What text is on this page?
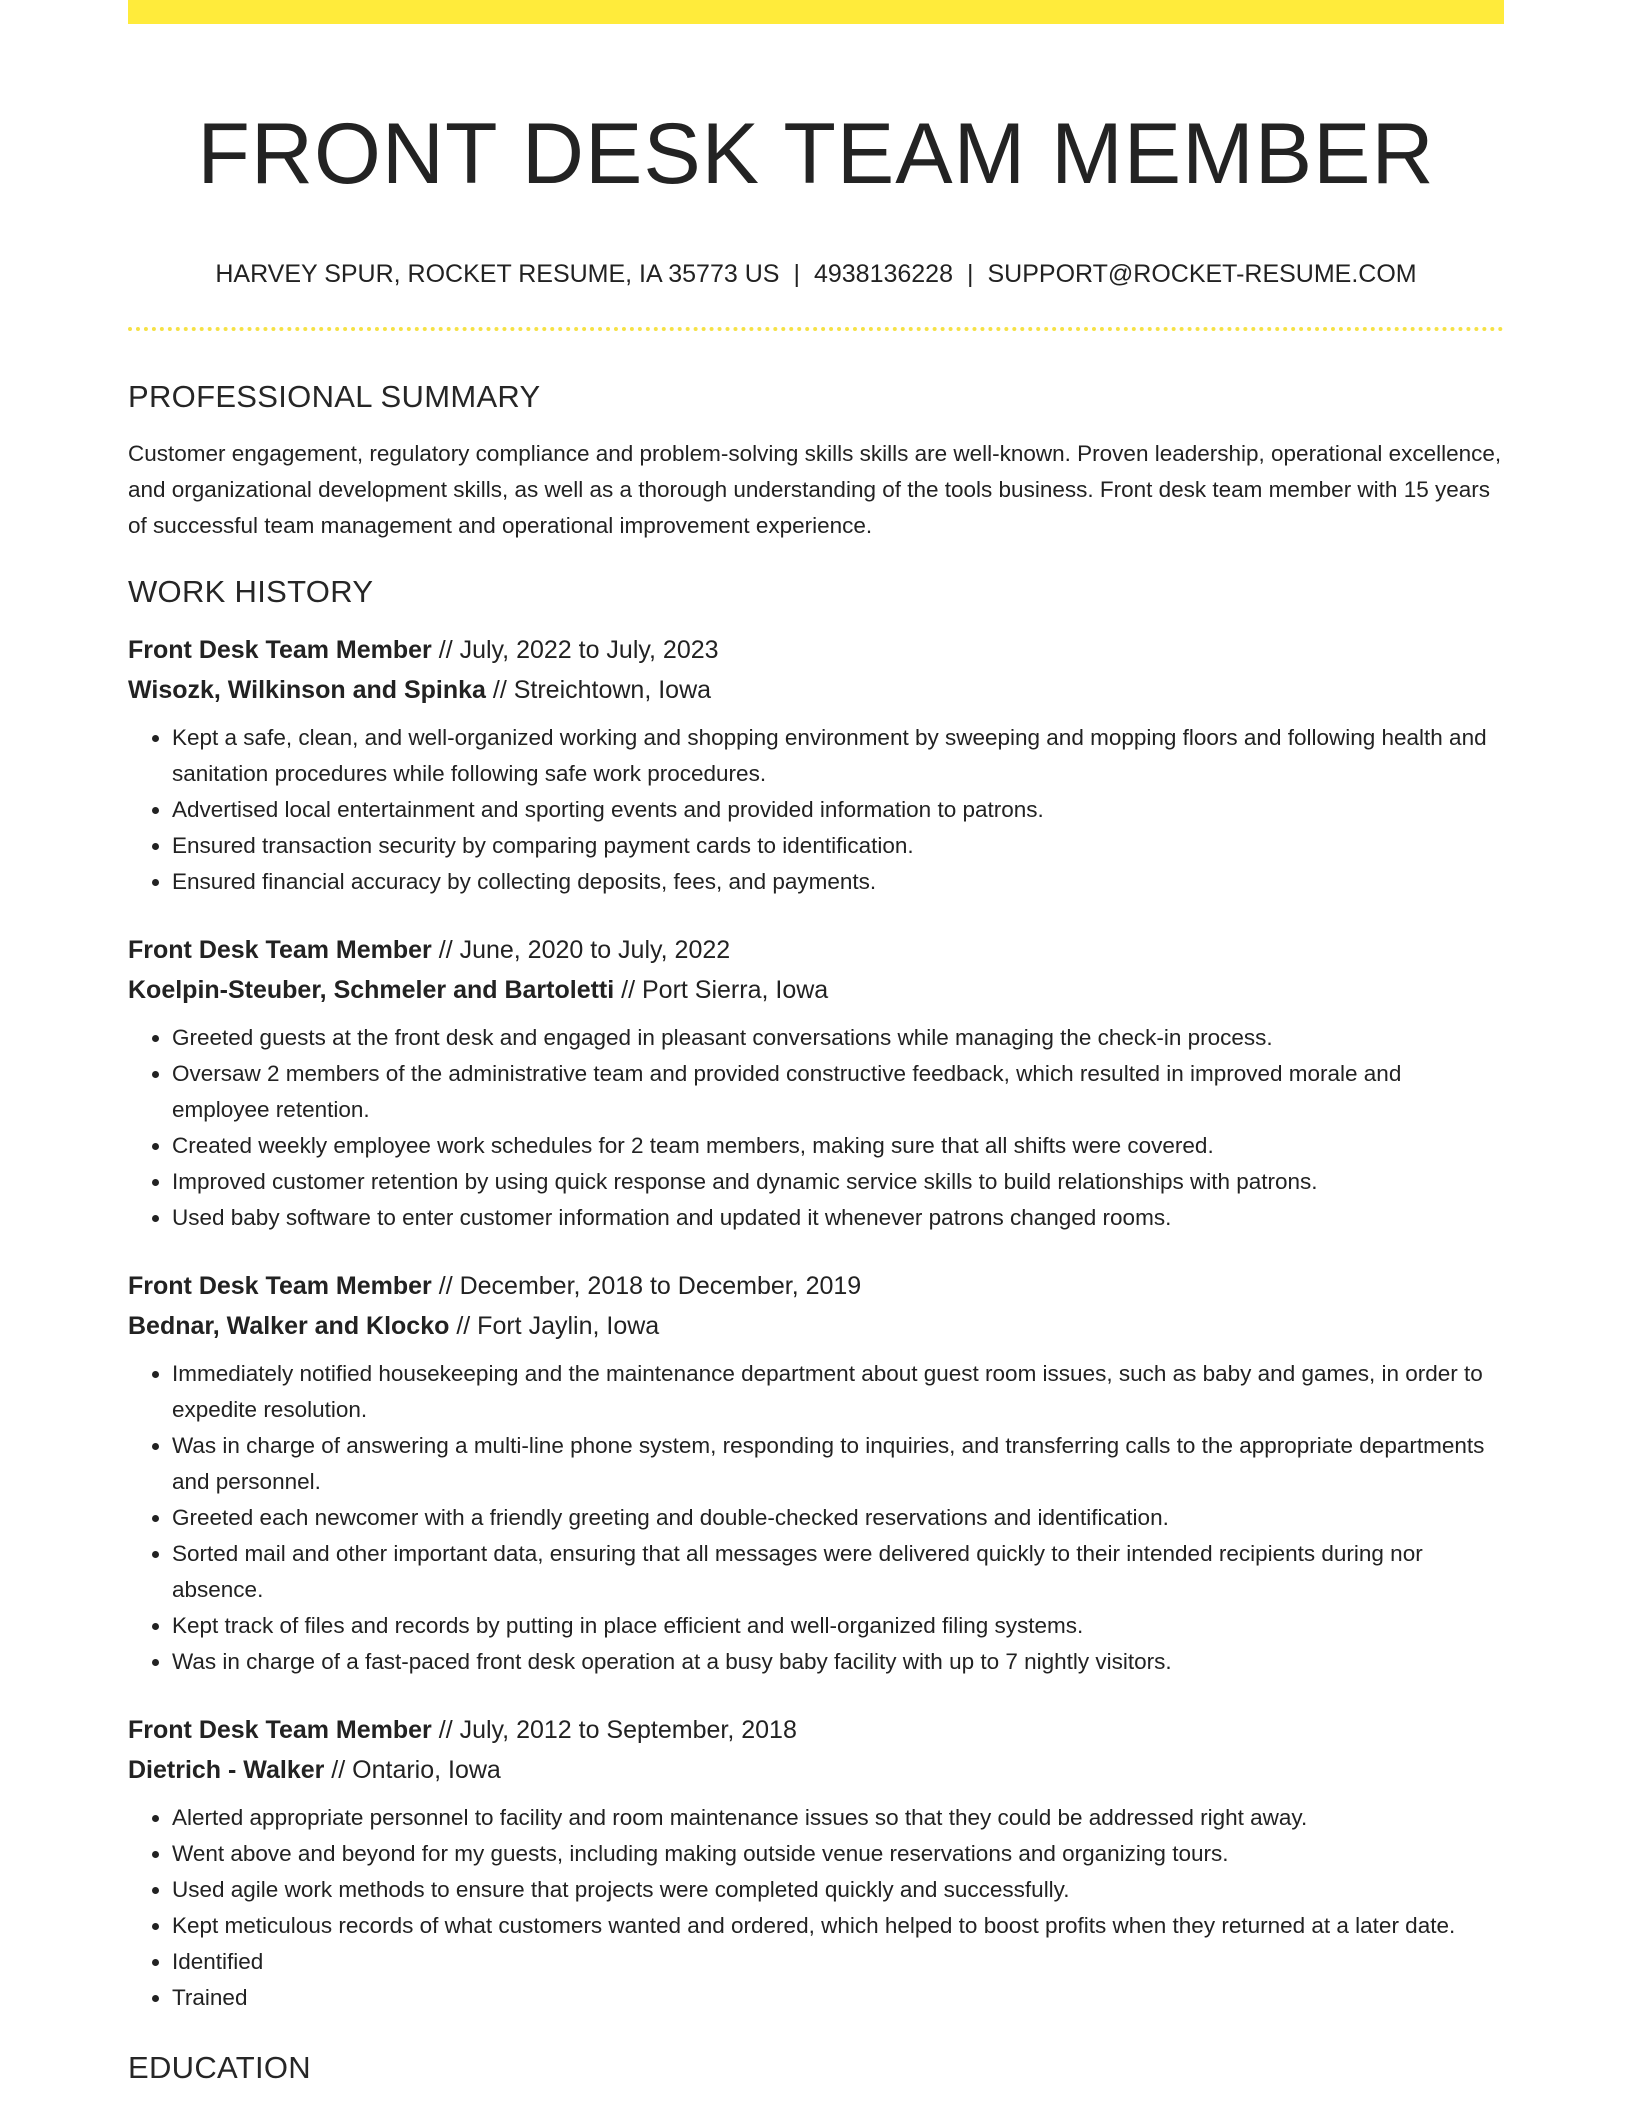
FRONT DESK TEAM MEMBER
HARVEY SPUR, ROCKET RESUME, IA 35773 US | 4938136228 | SUPPORT@ROCKET-RESUME.COM
PROFESSIONAL SUMMARY

Customer engagement, regulatory compliance and problem-solving skills skills are well-known. Proven leadership, operational excellence, and organizational development skills, as well as a thorough understanding of the tools business. Front desk team member with 15 years of successful team management and operational improvement experience.

WORK HISTORY
Front Desk Team Member // July, 2022 to July, 2023
Wisozk, Wilkinson and Spinka // Streichtown, Iowa
• Kept a safe, clean, and well-organized working and shopping environment by sweeping and mopping floors and following health and sanitation procedures while following safe work procedures.
• Advertised local entertainment and sporting events and provided information to patrons.
• Ensured transaction security by comparing payment cards to identification.
• Ensured financial accuracy by collecting deposits, fees, and payments.
Front Desk Team Member // June, 2020 to July, 2022
Koelpin-Steuber, Schmeler and Bartoletti // Port Sierra, Iowa
• Greeted guests at the front desk and engaged in pleasant conversations while managing the check-in process.
• Oversaw 2 members of the administrative team and provided constructive feedback, which resulted in improved morale and employee retention.
• Created weekly employee work schedules for 2 team members, making sure that all shifts were covered.
• Improved customer retention by using quick response and dynamic service skills to build relationships with patrons.
• Used baby software to enter customer information and updated it whenever patrons changed rooms.
Front Desk Team Member // December, 2018 to December, 2019
Bednar, Walker and Klocko // Fort Jaylin, Iowa
• Immediately notified housekeeping and the maintenance department about guest room issues, such as baby and games, in order to expedite resolution.
• Was in charge of answering a multi-line phone system, responding to inquiries, and transferring calls to the appropriate departments and personnel.
• Greeted each newcomer with a friendly greeting and double-checked reservations and identification.
• Sorted mail and other important data, ensuring that all messages were delivered quickly to their intended recipients during nor absence.
• Kept track of files and records by putting in place efficient and well-organized filing systems.
• Was in charge of a fast-paced front desk operation at a busy baby facility with up to 7 nightly visitors.
Front Desk Team Member // July, 2012 to September, 2018
Dietrich - Walker // Ontario, Iowa
• Alerted appropriate personnel to facility and room maintenance issues so that they could be addressed right away.
• Went above and beyond for my guests, including making outside venue reservations and organizing tours.
• Used agile work methods to ensure that projects were completed quickly and successfully.
• Kept meticulous records of what customers wanted and ordered, which helped to boost profits when they returned at a later date.
• Identified
• Trained
EDUCATION
